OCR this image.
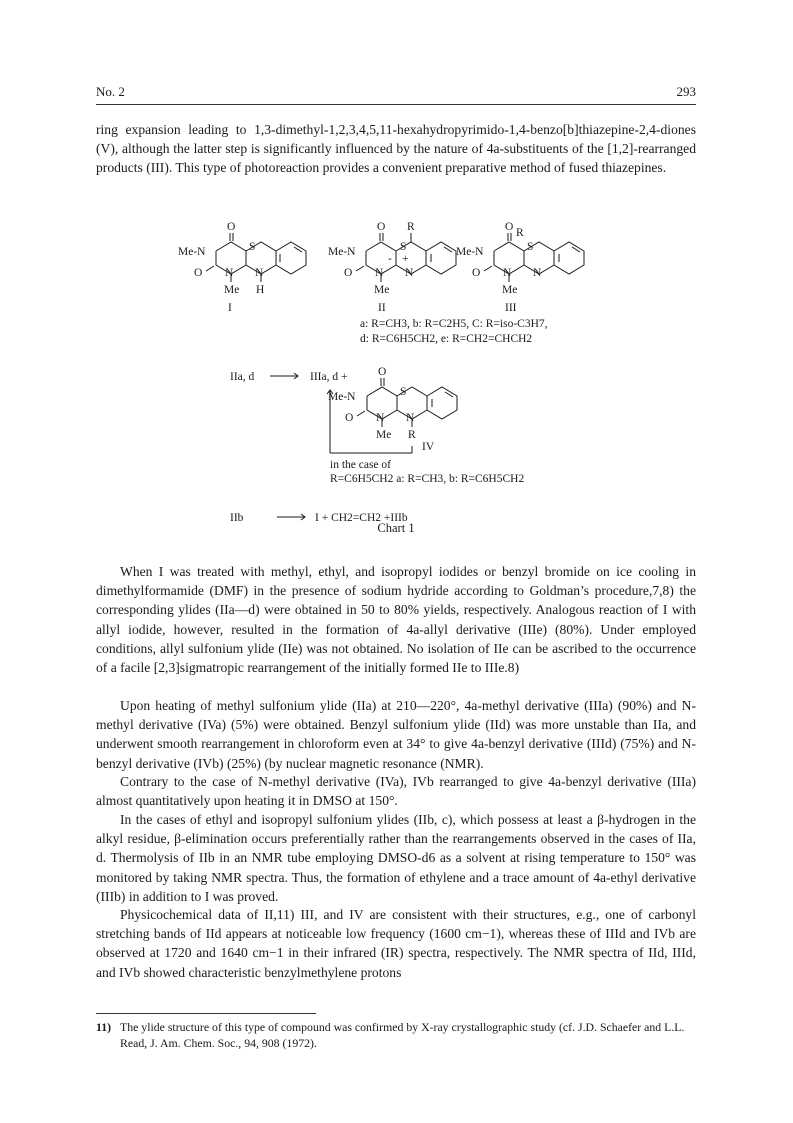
No. 2	293

ring expansion leading to 1,3-dimethyl-1,2,3,4,5,11-hexahydropyrimido-1,4-benzo[b]thiazepine-2,4-diones (V), although the latter step is significantly influenced by the nature of 4a-substituents of the [1,2]-rearranged products (III). This type of photoreaction provides a convenient preparative method of fused thiazepines.

O
Me-N	S
O N N
Me H
I
O R
Me-N	S
+
-
O N N
Me
II
O R
Me-N	S
O N N
Me
III
a: R=CH3, b: R=C2H5, C: R=iso-C3H7,
d: R=C6H5CH2, e: R=CH2=CHCH2
IIa, d	IIIa, d +	O
Me-N	S
O N N
Me R
IV
in the case of
R=C6H5CH2 a: R=CH3, b: R=C6H5CH2
IIb	I + CH2=CH2 +IIIb
Chart 1

When I was treated with methyl, ethyl, and isopropyl iodides or benzyl bromide on ice cooling in dimethylformamide (DMF) in the presence of sodium hydride according to Goldman’s procedure,7,8) the corresponding ylides (IIa—d) were obtained in 50 to 80% yields, respectively. Analogous reaction of I with allyl iodide, however, resulted in the formation of 4a-allyl derivative (IIIe) (80%). Under employed conditions, allyl sulfonium ylide (IIe) was not obtained. No isolation of IIe can be ascribed to the occurrence of a facile [2,3]sigmatropic rearrangement of the initially formed IIe to IIIe.8)

Upon heating of methyl sulfonium ylide (IIa) at 210—220°, 4a-methyl derivative (IIIa) (90%) and N-methyl derivative (IVa) (5%) were obtained. Benzyl sulfonium ylide (IId) was more unstable than IIa, and underwent smooth rearrangement in chloroform even at 34° to give 4a-benzyl derivative (IIId) (75%) and N-benzyl derivative (IVb) (25%) (by nuclear magnetic resonance (NMR).

Contrary to the case of N-methyl derivative (IVa), IVb rearranged to give 4a-benzyl derivative (IIIa) almost quantitatively upon heating it in DMSO at 150°.

In the cases of ethyl and isopropyl sulfonium ylides (IIb, c), which possess at least a β-hydrogen in the alkyl residue, β-elimination occurs preferentially rather than the rearrangements observed in the cases of IIa, d. Thermolysis of IIb in an NMR tube employing DMSO-d6 as a solvent at rising temperature to 150° was monitored by taking NMR spectra. Thus, the formation of ethylene and a trace amount of 4a-ethyl derivative (IIIb) in addition to I was proved.

Physicochemical data of II,11) III, and IV are consistent with their structures, e.g., one of carbonyl stretching bands of IId appears at noticeable low frequency (1600 cm−1), whereas these of IIId and IVb are observed at 1720 and 1640 cm−1 in their infrared (IR) spectra, respectively. The NMR spectra of IId, IIId, and IVb showed characteristic benzylmethylene protons

11) The ylide structure of this type of compound was confirmed by X-ray crystallographic study (cf. J.D. Schaefer and L.L. Read, J. Am. Chem. Soc., 94, 908 (1972).
